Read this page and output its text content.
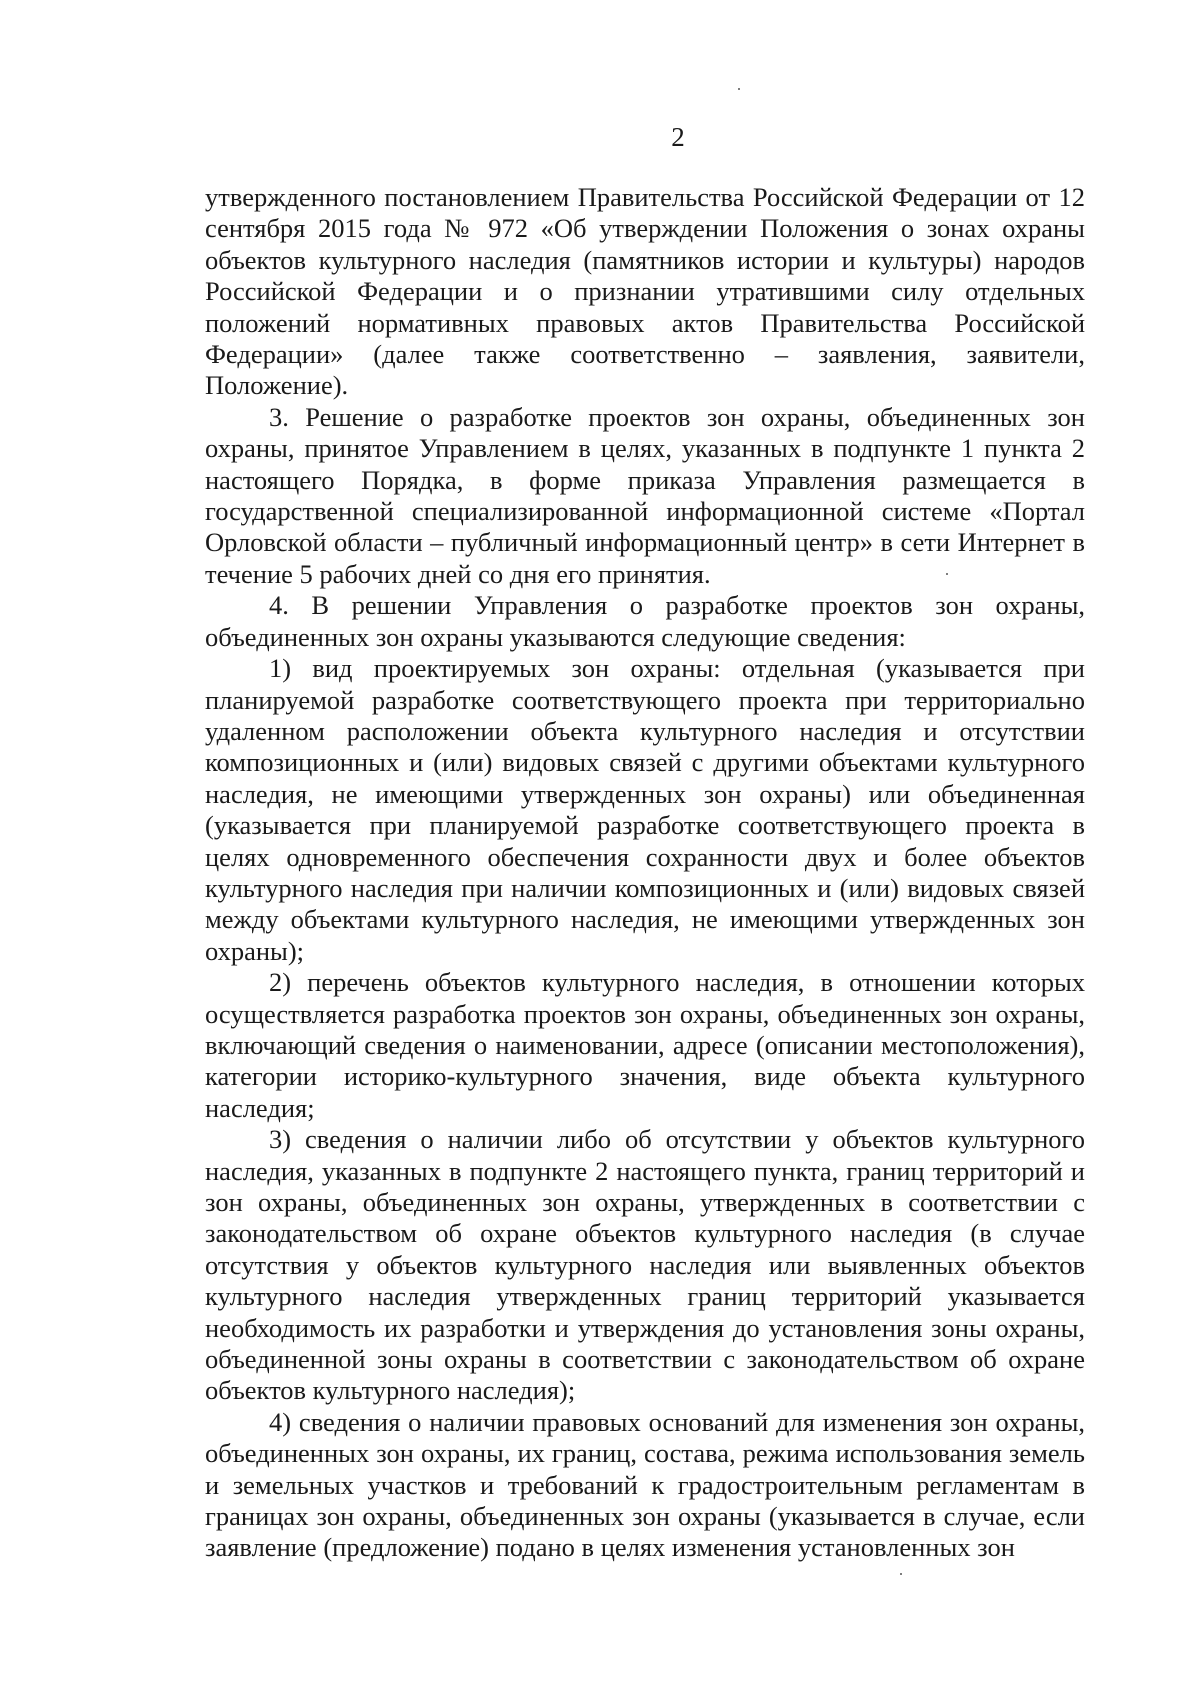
2

утвержденного постановлением Правительства Российской Федерации от 12 сентября 2015 года № 972 «Об утверждении Положения о зонах охраны объектов культурного наследия (памятников истории и культуры) народов Российской Федерации и о признании утратившими силу отдельных положений нормативных правовых актов Правительства Российской Федерации» (далее также соответственно – заявления, заявители, Положение).

3. Решение о разработке проектов зон охраны, объединенных зон охраны, принятое Управлением в целях, указанных в подпункте 1 пункта 2 настоящего Порядка, в форме приказа Управления размещается в государственной специализированной информационной системе «Портал Орловской области – публичный информационный центр» в сети Интернет в течение 5 рабочих дней со дня его принятия.

4. В решении Управления о разработке проектов зон охраны, объединенных зон охраны указываются следующие сведения:

1) вид проектируемых зон охраны: отдельная (указывается при планируемой разработке соответствующего проекта при территориально удаленном расположении объекта культурного наследия и отсутствии композиционных и (или) видовых связей с другими объектами культурного наследия, не имеющими утвержденных зон охраны) или объединенная (указывается при планируемой разработке соответствующего проекта в целях одновременного обеспечения сохранности двух и более объектов культурного наследия при наличии композиционных и (или) видовых связей между объектами культурного наследия, не имеющими утвержденных зон охраны);

2) перечень объектов культурного наследия, в отношении которых осуществляется разработка проектов зон охраны, объединенных зон охраны, включающий сведения о наименовании, адресе (описании местоположения), категории историко-культурного значения, виде объекта культурного наследия;

3) сведения о наличии либо об отсутствии у объектов культурного наследия, указанных в подпункте 2 настоящего пункта, границ территорий и зон охраны, объединенных зон охраны, утвержденных в соответствии с законодательством об охране объектов культурного наследия (в случае отсутствия у объектов культурного наследия или выявленных объектов культурного наследия утвержденных границ территорий указывается необходимость их разработки и утверждения до установления зоны охраны, объединенной зоны охраны в соответствии с законодательством об охране объектов культурного наследия);

4) сведения о наличии правовых оснований для изменения зон охраны, объединенных зон охраны, их границ, состава, режима использования земель и земельных участков и требований к градостроительным регламентам в границах зон охраны, объединенных зон охраны (указывается в случае, если заявление (предложение) подано в целях изменения установленных зон
